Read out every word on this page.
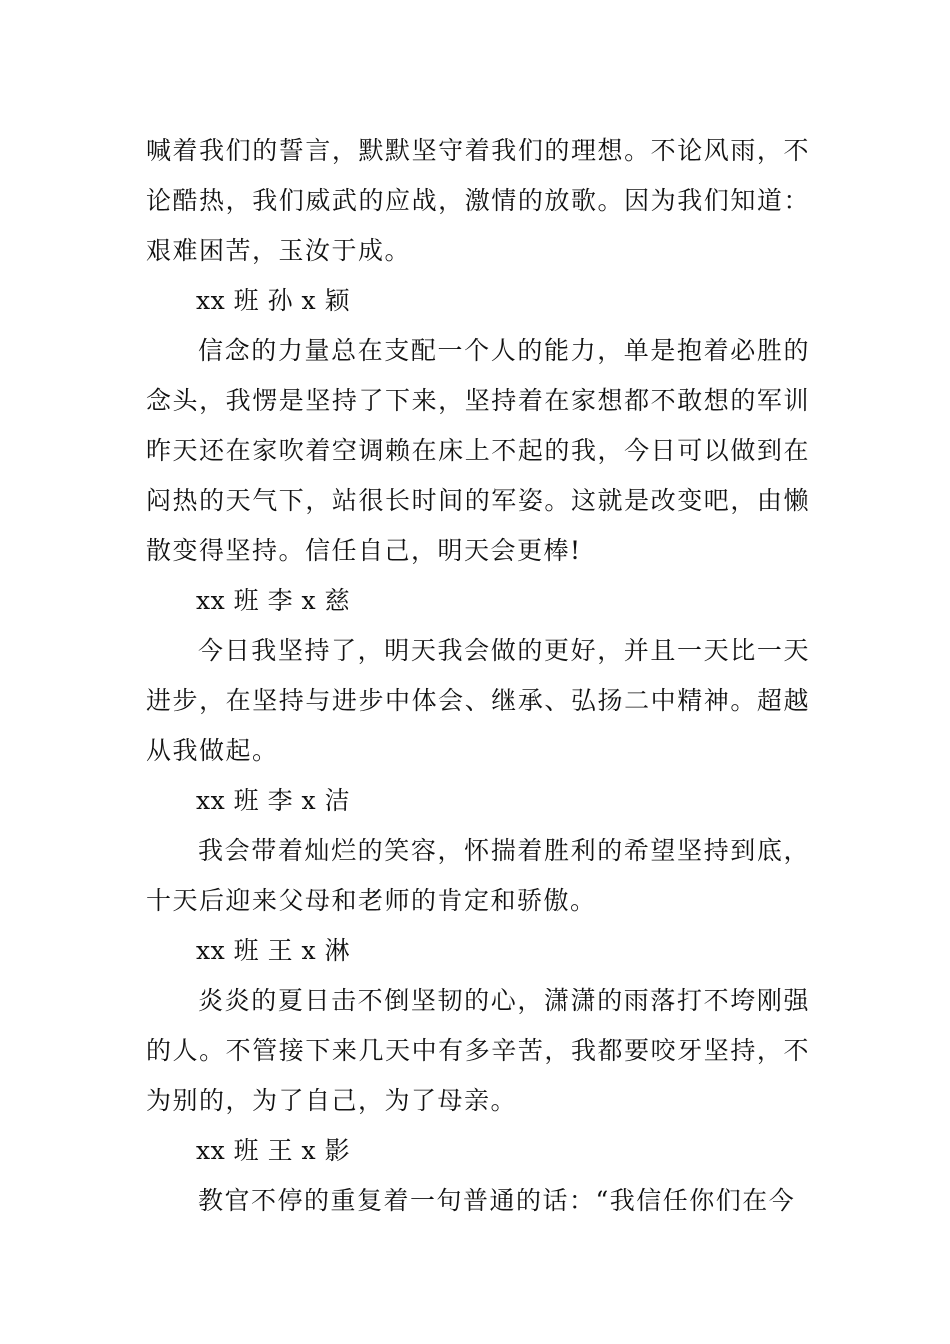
喊着我们的誓言，默默坚守着我们的理想。不论风雨，不论酷热，我们威武的应战，激情的放歌。因为我们知道：艰难困苦，玉汝于成。

xx 班 孙 x 颖

信念的力量总在支配一个人的能力，单是抱着必胜的念头，我愣是坚持了下来，坚持着在家想都不敢想的军训昨天还在家吹着空调赖在床上不起的我，今日可以做到在闷热的天气下，站很长时间的军姿。这就是改变吧，由懒散变得坚持。信任自己，明天会更棒!

xx 班 李 x 慈

今日我坚持了，明天我会做的更好，并且一天比一天进步，在坚持与进步中体会、继承、弘扬二中精神。超越从我做起。

xx 班 李 x 洁

我会带着灿烂的笑容，怀揣着胜利的希望坚持到底，十天后迎来父母和老师的肯定和骄傲。

xx 班 王 x 淋

炎炎的夏日击不倒坚韧的心，潇潇的雨落打不垮刚强的人。不管接下来几天中有多辛苦，我都要咬牙坚持，不为别的，为了自己，为了母亲。

xx 班 王 x 影

教官不停的重复着一句普通的话：“我信任你们在今
